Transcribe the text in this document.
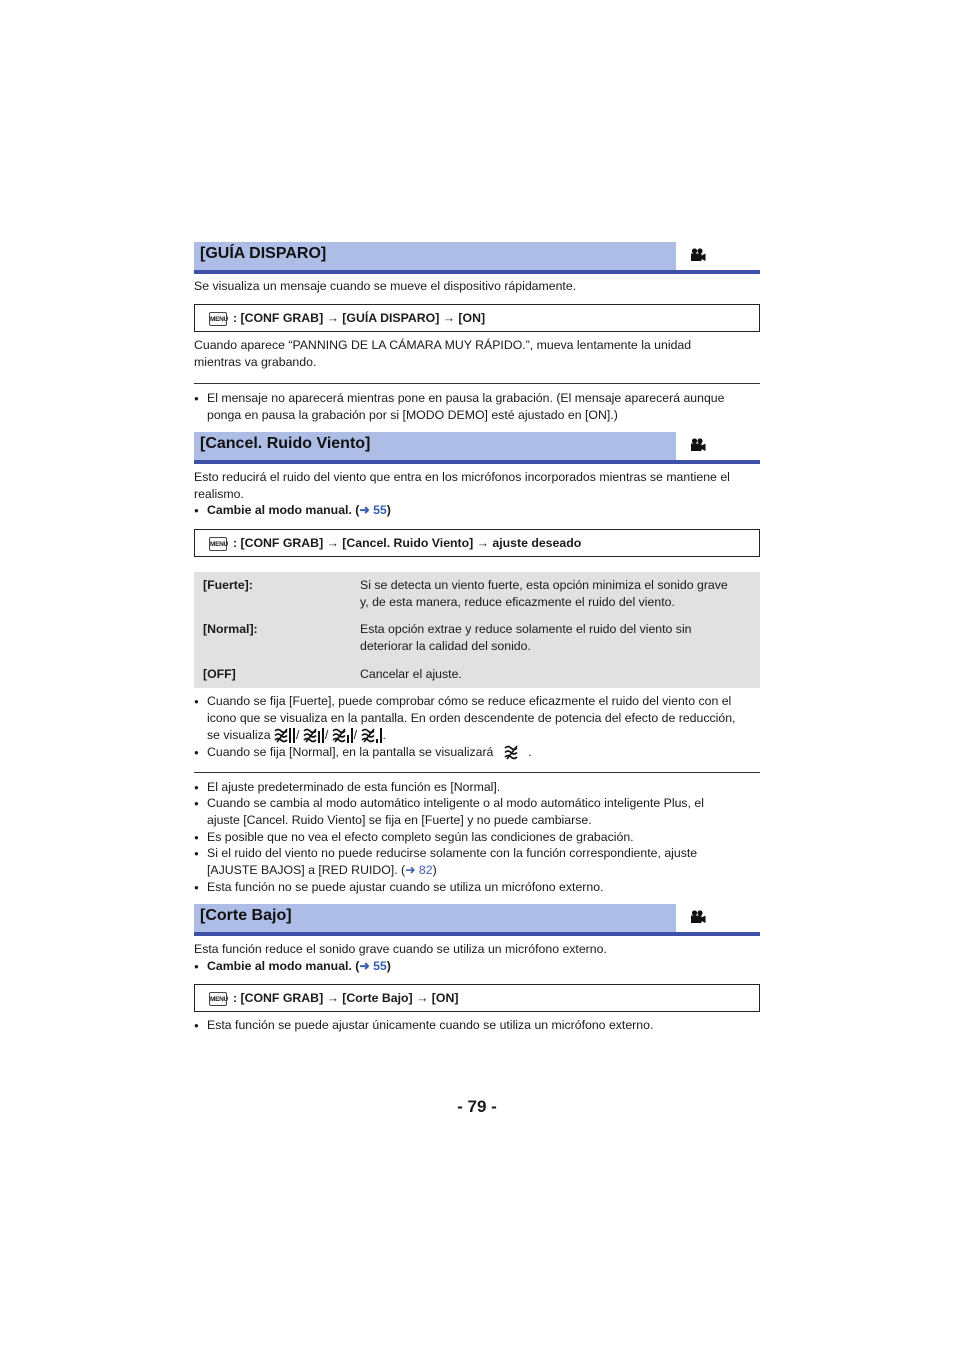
[GUÍA DISPARO]
Se visualiza un mensaje cuando se mueve el dispositivo rápidamente.
MENU : [CONF GRAB] → [GUÍA DISPARO] → [ON]
Cuando aparece “PANNING DE LA CÁMARA MUY RÁPIDO.”, mueva lentamente la unidad
mientras va grabando.
● El mensaje no aparecerá mientras pone en pausa la grabación. (El mensaje aparecerá aunque
ponga en pausa la grabación por si [MODO DEMO] esté ajustado en [ON].)
[Cancel. Ruido Viento]
Esto reducirá el ruido del viento que entra en los micrófonos incorporados mientras se mantiene el
realismo.
● Cambie al modo manual. (➜ 55)
MENU : [CONF GRAB] → [Cancel. Ruido Viento] → ajuste deseado
[Fuerte]:	Si se detecta un viento fuerte, esta opción minimiza el sonido grave
y, de esta manera, reduce eficazmente el ruido del viento.
[Normal]:	Esta opción extrae y reduce solamente el ruido del viento sin
deteriorar la calidad del sonido.
[OFF]	Cancelar el ajuste.
● Cuando se fija [Fuerte], puede comprobar cómo se reduce eficazmente el ruido del viento con el
icono que se visualiza en la pantalla. En orden descendente de potencia del efecto de reducción,
se visualiza / / / .
● Cuando se fija [Normal], en la pantalla se visualizará	.
● El ajuste predeterminado de esta función es [Normal].
● Cuando se cambia al modo automático inteligente o al modo automático inteligente Plus, el
ajuste [Cancel. Ruido Viento] se fija en [Fuerte] y no puede cambiarse.
● Es posible que no vea el efecto completo según las condiciones de grabación.
● Si el ruido del viento no puede reducirse solamente con la función correspondiente, ajuste
[AJUSTE BAJOS] a [RED RUIDO]. (➜ 82)
● Esta función no se puede ajustar cuando se utiliza un micrófono externo.
[Corte Bajo]
Esta función reduce el sonido grave cuando se utiliza un micrófono externo.
● Cambie al modo manual. (➜ 55)
MENU : [CONF GRAB] → [Corte Bajo] → [ON]
● Esta función se puede ajustar únicamente cuando se utiliza un micrófono externo.
- 79 -
